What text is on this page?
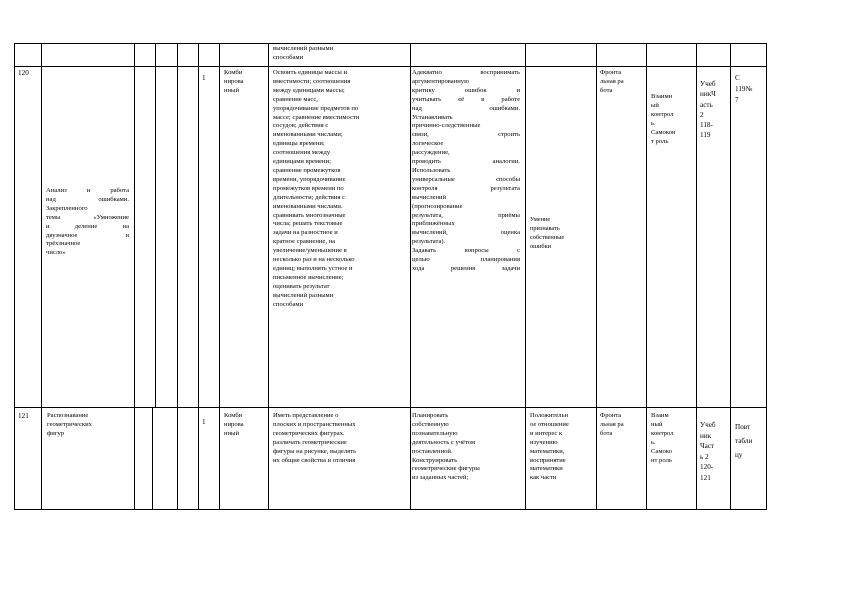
вычислений разными
способами
120
Анализ и работа
над ошибками.
Закрепленного
темы «Умножение
и деление на
двузначное и
трёхзначное
число»
1
Комби
нирова
нный
Освоить единицы массы и
вместимости; соотношения
между единицами массы;
сравнение масс,
упорядочивание предметов по
массе; сравнение вместимости
сосудов; действия с
именованными числами;
единицы времени;
соотношения между
единицами времени;
сравнение промежутков
времени, упорядочивание
промежутков времени по
длительности; действия с
именованными числами.
сравнивать многозначные
числа; решать текстовые
задачи на разностное и
кратное сравнение, на
увеличение/уменьшение в
несколько раз и на несколько
единиц; выполнять устное и
письменное вычисление;
оценивать результат
вычислений разными
способами
Адекватно воспринимать
аргументированную
критику ошибок и
учитывать её в работе
над ошибками.
Устанавливать
причинно-следственные
связи, строить
логическое
рассуждение,
проводить аналогии.
Использовать
универсальные способы
контроля результата
вычислений
(прогнозирование
результата, приёмы
приближённых
вычислений, оценка
результата).
Задавать вопросы с
целью планирования
хода решения задачи
Умение
признавать
собственные
ошибки
Фронта
льная ра
бота
Взаимн
ый
контрол
ь.
Самокон
т роль
Учеб
никЧ
асть
2
118-
119
С
119№
7
121	Распознавание
геометрических
фигур
1
Комби
нирова
нный
Иметь представление о
плоских и пространственных
геометрических фигурах.
различать геометрические
фигуры на рисунке, выделять
их общие свойства и отличия
Планировать
собственную
познавательную
деятельность с учётом
поставленной.
Конструировать
геометрические фигуры
из заданных частей;
Положительн
ое отношение
и интерес к
изучению
математики,
воспринятие
математики
как части
Фронта
льная ра
бота
Взаим
ный
контрол
ь.
Самоко
нт роль
Учеб
ник
Част
ь 2
120-
121
Повт
табли
цу
